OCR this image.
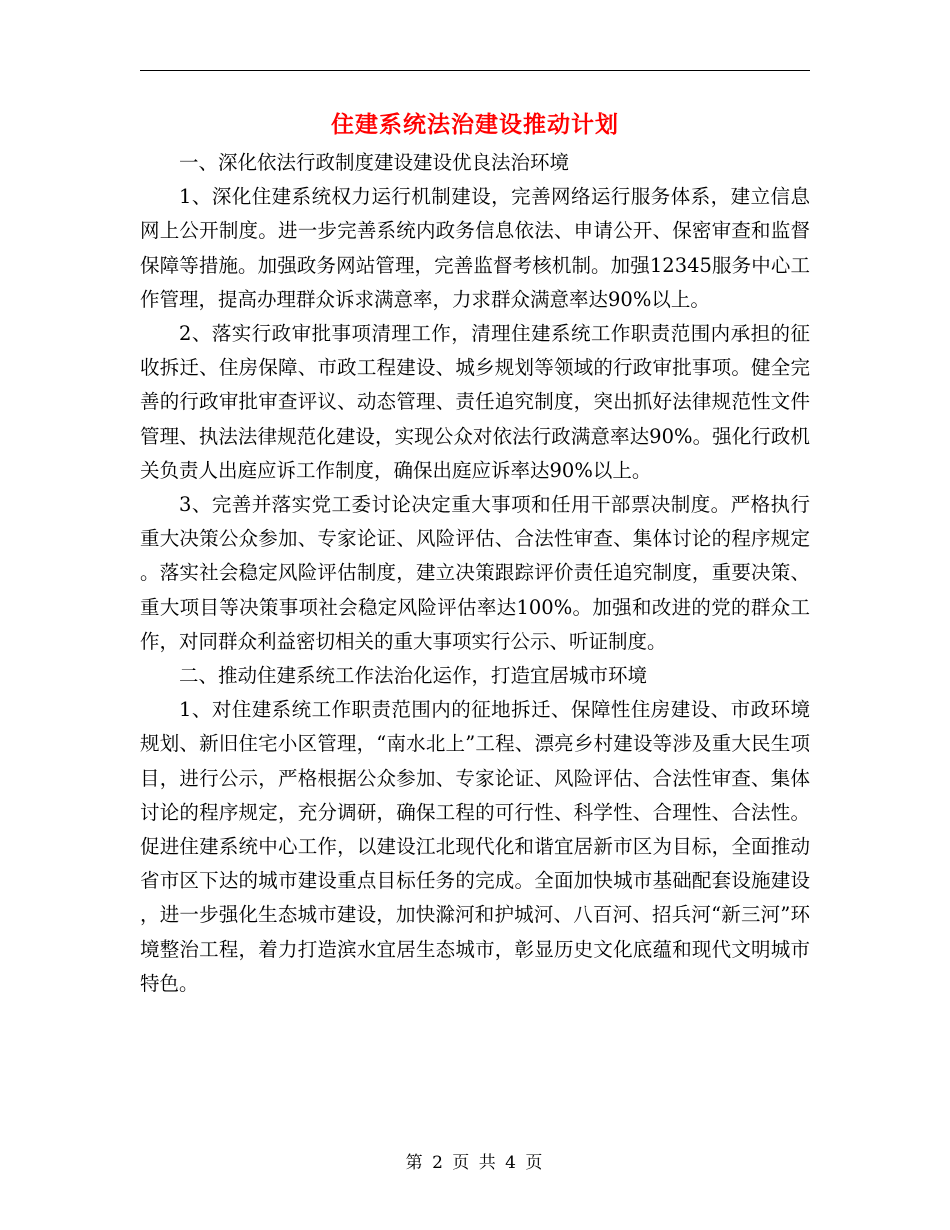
住建系统法治建设推动计划

一、深化依法行政制度建设建设优良法治环境

1、深化住建系统权力运行机制建设，完善网络运行服务体系，建立信息网上公开制度。进一步完善系统内政务信息依法、申请公开、保密审查和监督保障等措施。加强政务网站管理，完善监督考核机制。加强12345服务中心工作管理，提高办理群众诉求满意率，力求群众满意率达90%以上。

2、落实行政审批事项清理工作，清理住建系统工作职责范围内承担的征收拆迁、住房保障、市政工程建设、城乡规划等领域的行政审批事项。健全完善的行政审批审查评议、动态管理、责任追究制度，突出抓好法律规范性文件管理、执法法律规范化建设，实现公众对依法行政满意率达90%。强化行政机关负责人出庭应诉工作制度，确保出庭应诉率达90%以上。

3、完善并落实党工委讨论决定重大事项和任用干部票决制度。严格执行重大决策公众参加、专家论证、风险评估、合法性审查、集体讨论的程序规定。落实社会稳定风险评估制度，建立决策跟踪评价责任追究制度，重要决策、重大项目等决策事项社会稳定风险评估率达100%。加强和改进的党的群众工作，对同群众利益密切相关的重大事项实行公示、听证制度。

二、推动住建系统工作法治化运作，打造宜居城市环境

1、对住建系统工作职责范围内的征地拆迁、保障性住房建设、市政环境规划、新旧住宅小区管理，“南水北上”工程、漂亮乡村建设等涉及重大民生项目，进行公示，严格根据公众参加、专家论证、风险评估、合法性审查、集体讨论的程序规定，充分调研，确保工程的可行性、科学性、合理性、合法性。促进住建系统中心工作，以建设江北现代化和谐宜居新市区为目标，全面推动省市区下达的城市建设重点目标任务的完成。全面加快城市基础配套设施建设，进一步强化生态城市建设，加快滁河和护城河、八百河、招兵河“新三河”环境整治工程，着力打造滨水宜居生态城市，彰显历史文化底蕴和现代文明城市特色。

第 2 页 共 4 页
